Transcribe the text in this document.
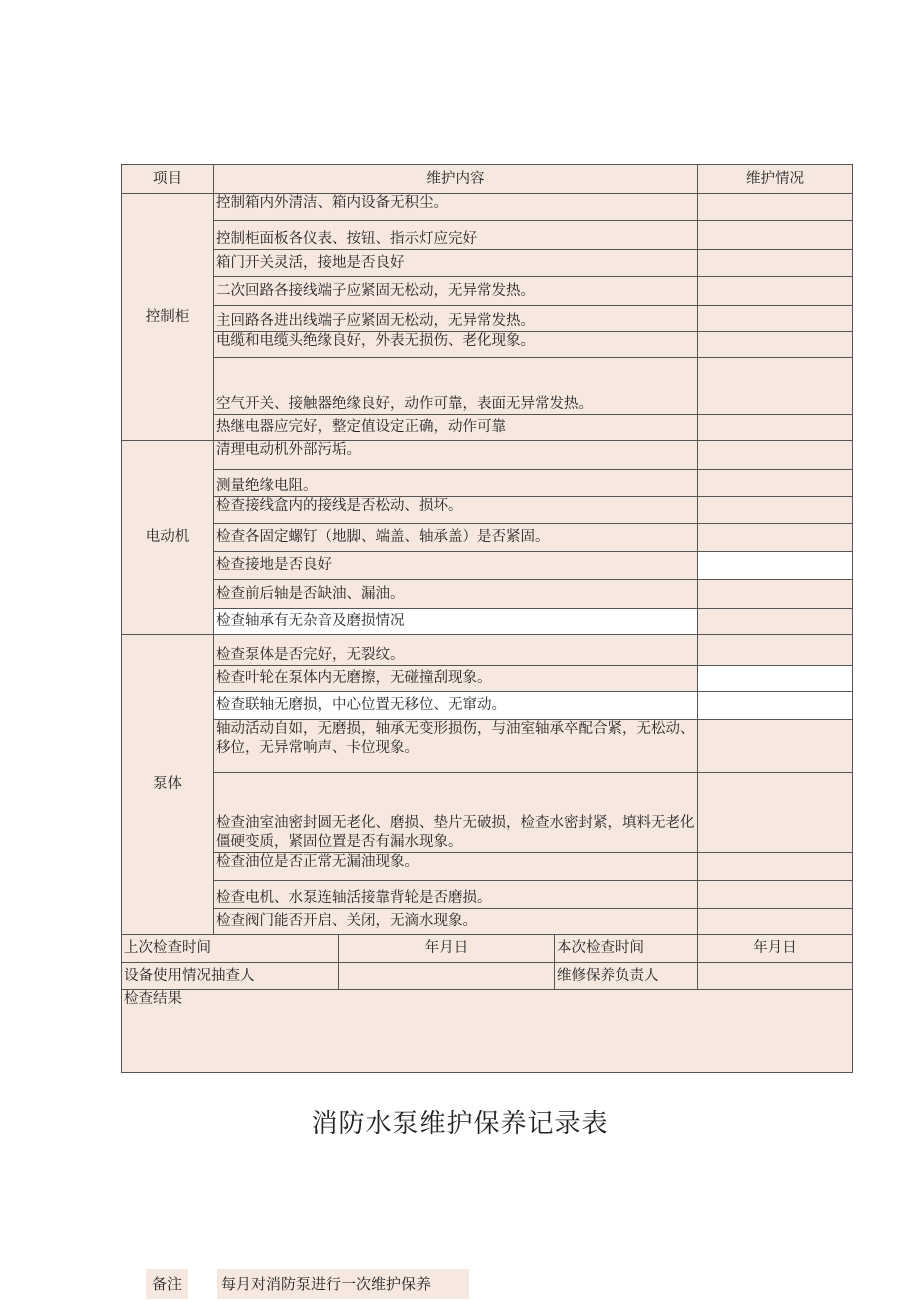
项目	维护内容			维护情况
控制柜	控制箱内外清洁、箱内设备无积尘。			
	控制柜面板各仪表、按钮、指示灯应完好			
	箱门开关灵活，接地是否良好			
	二次回路各接线端子应紧固无松动，无异常发热。			
	主回路各进出线端子应紧固无松动，无异常发热。			
	电缆和电缆头绝缘良好，外表无损伤、老化现象。			
	空气开关、接触器绝缘良好，动作可靠，表面无异常发热。			
	热继电器应完好，整定值设定正确，动作可靠			
电动机	清理电动机外部污垢。			
	测量绝缘电阻。			
	检查接线盒内的接线是否松动、损坏。			
	检查各固定螺钉（地脚、端盖、轴承盖）是否紧固。			
	检查接地是否良好			
	检查前后轴是否缺油、漏油。			
	检查轴承有无杂音及磨损情况			
泵体	检查泵体是否完好，无裂纹。			
	检查叶轮在泵体内无磨擦，无碰撞刮现象。			
	检查联轴无磨损，中心位置无移位、无窜动。			
	轴动活动自如，无磨损，轴承无变形损伤，与油室轴承卒配合紧，无松动、移位，无异常响声、卡位现象。			
	检查油室油密封圆无老化、磨损、垫片无破损，检查水密封紧，填料无老化僵硬变质，紧固位置是否有漏水现象。			
	检查油位是否正常无漏油现象。			
	检查电机、水泵连轴活接靠背轮是否磨损。			
	检查阀门能否开启、关闭，无滴水现象。			
上次检查时间		年月日	本次检查时间	年月日
设备使用情况抽查人			维修保养负责人	
检查结果				
消防水泵维护保养记录表
备注	每月对消防泵进行一次维护保养
